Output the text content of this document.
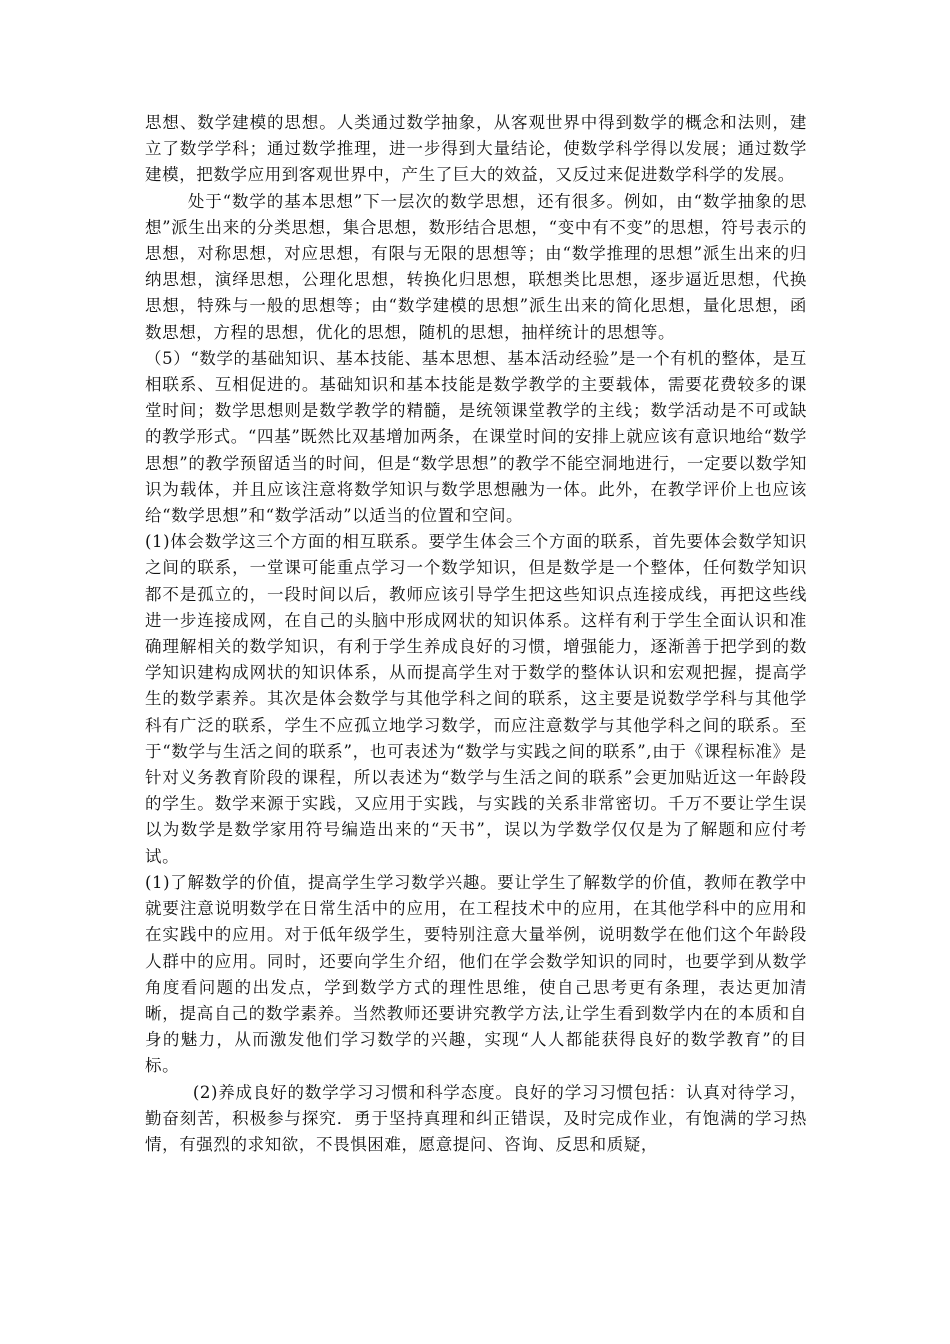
思想、数学建模的思想。人类通过数学抽象，从客观世界中得到数学的概念和法则，建立了数学学科；通过数学推理，进一步得到大量结论，使数学科学得以发展；通过数学建模，把数学应用到客观世界中，产生了巨大的效益，又反过来促进数学科学的发展。

处于“数学的基本思想”下一层次的数学思想，还有很多。例如，由“数学抽象的思想”派生出来的分类思想，集合思想，数形结合思想，“变中有不变”的思想，符号表示的思想，对称思想，对应思想，有限与无限的思想等；由“数学推理的思想”派生出来的归纳思想，演绎思想，公理化思想，转换化归思想，联想类比思想，逐步逼近思想，代换思想，特殊与一般的思想等；由“数学建模的思想”派生出来的简化思想，量化思想，函数思想，方程的思想，优化的思想，随机的思想，抽样统计的思想等。

（5）“数学的基础知识、基本技能、基本思想、基本活动经验”是一个有机的整体，是互相联系、互相促进的。基础知识和基本技能是数学教学的主要载体，需要花费较多的课堂时间；数学思想则是数学教学的精髓，是统领课堂教学的主线；数学活动是不可或缺的教学形式。“四基”既然比双基增加两条，在课堂时间的安排上就应该有意识地给“数学思想”的教学预留适当的时间，但是“数学思想”的教学不能空洞地进行，一定要以数学知识为载体，并且应该注意将数学知识与数学思想融为一体。此外，在教学评价上也应该给“数学思想”和“数学活动”以适当的位置和空间。

(1)体会数学这三个方面的相互联系。要学生体会三个方面的联系，首先要体会数学知识之间的联系，一堂课可能重点学习一个数学知识，但是数学是一个整体，任何数学知识都不是孤立的，一段时间以后，教师应该引导学生把这些知识点连接成线，再把这些线进一步连接成网，在自己的头脑中形成网状的知识体系。这样有利于学生全面认识和准确理解相关的数学知识，有利于学生养成良好的习惯，增强能力，逐渐善于把学到的数学知识建构成网状的知识体系，从而提高学生对于数学的整体认识和宏观把握，提高学生的数学素养。其次是体会数学与其他学科之间的联系，这主要是说数学学科与其他学科有广泛的联系，学生不应孤立地学习数学，而应注意数学与其他学科之间的联系。至于“数学与生活之间的联系”，也可表述为“数学与实践之间的联系”,由于《课程标准》是针对义务教育阶段的课程，所以表述为“数学与生活之间的联系”会更加贴近这一年龄段的学生。数学来源于实践，又应用于实践，与实践的关系非常密切。千万不要让学生误以为数学是数学家用符号编造出来的“天书”，误以为学数学仅仅是为了解题和应付考试。

(1)了解数学的价值，提高学生学习数学兴趣。要让学生了解数学的价值，教师在教学中就要注意说明数学在日常生活中的应用，在工程技术中的应用，在其他学科中的应用和在实践中的应用。对于低年级学生，要特别注意大量举例，说明数学在他们这个年龄段人群中的应用。同时，还要向学生介绍，他们在学会数学知识的同时，也要学到从数学角度看问题的出发点，学到数学方式的理性思维，使自己思考更有条理，表达更加清晰，提高自己的数学素养。当然教师还要讲究教学方法,让学生看到数学内在的本质和自身的魅力，从而激发他们学习数学的兴趣，实现“人人都能获得良好的数学教育”的目标。

(2)养成良好的数学学习习惯和科学态度。良好的学习习惯包括：认真对待学习，勤奋刻苦，积极参与探究．勇于坚持真理和纠正错误，及时完成作业，有饱满的学习热情，有强烈的求知欲，不畏惧困难，愿意提问、咨询、反思和质疑，
